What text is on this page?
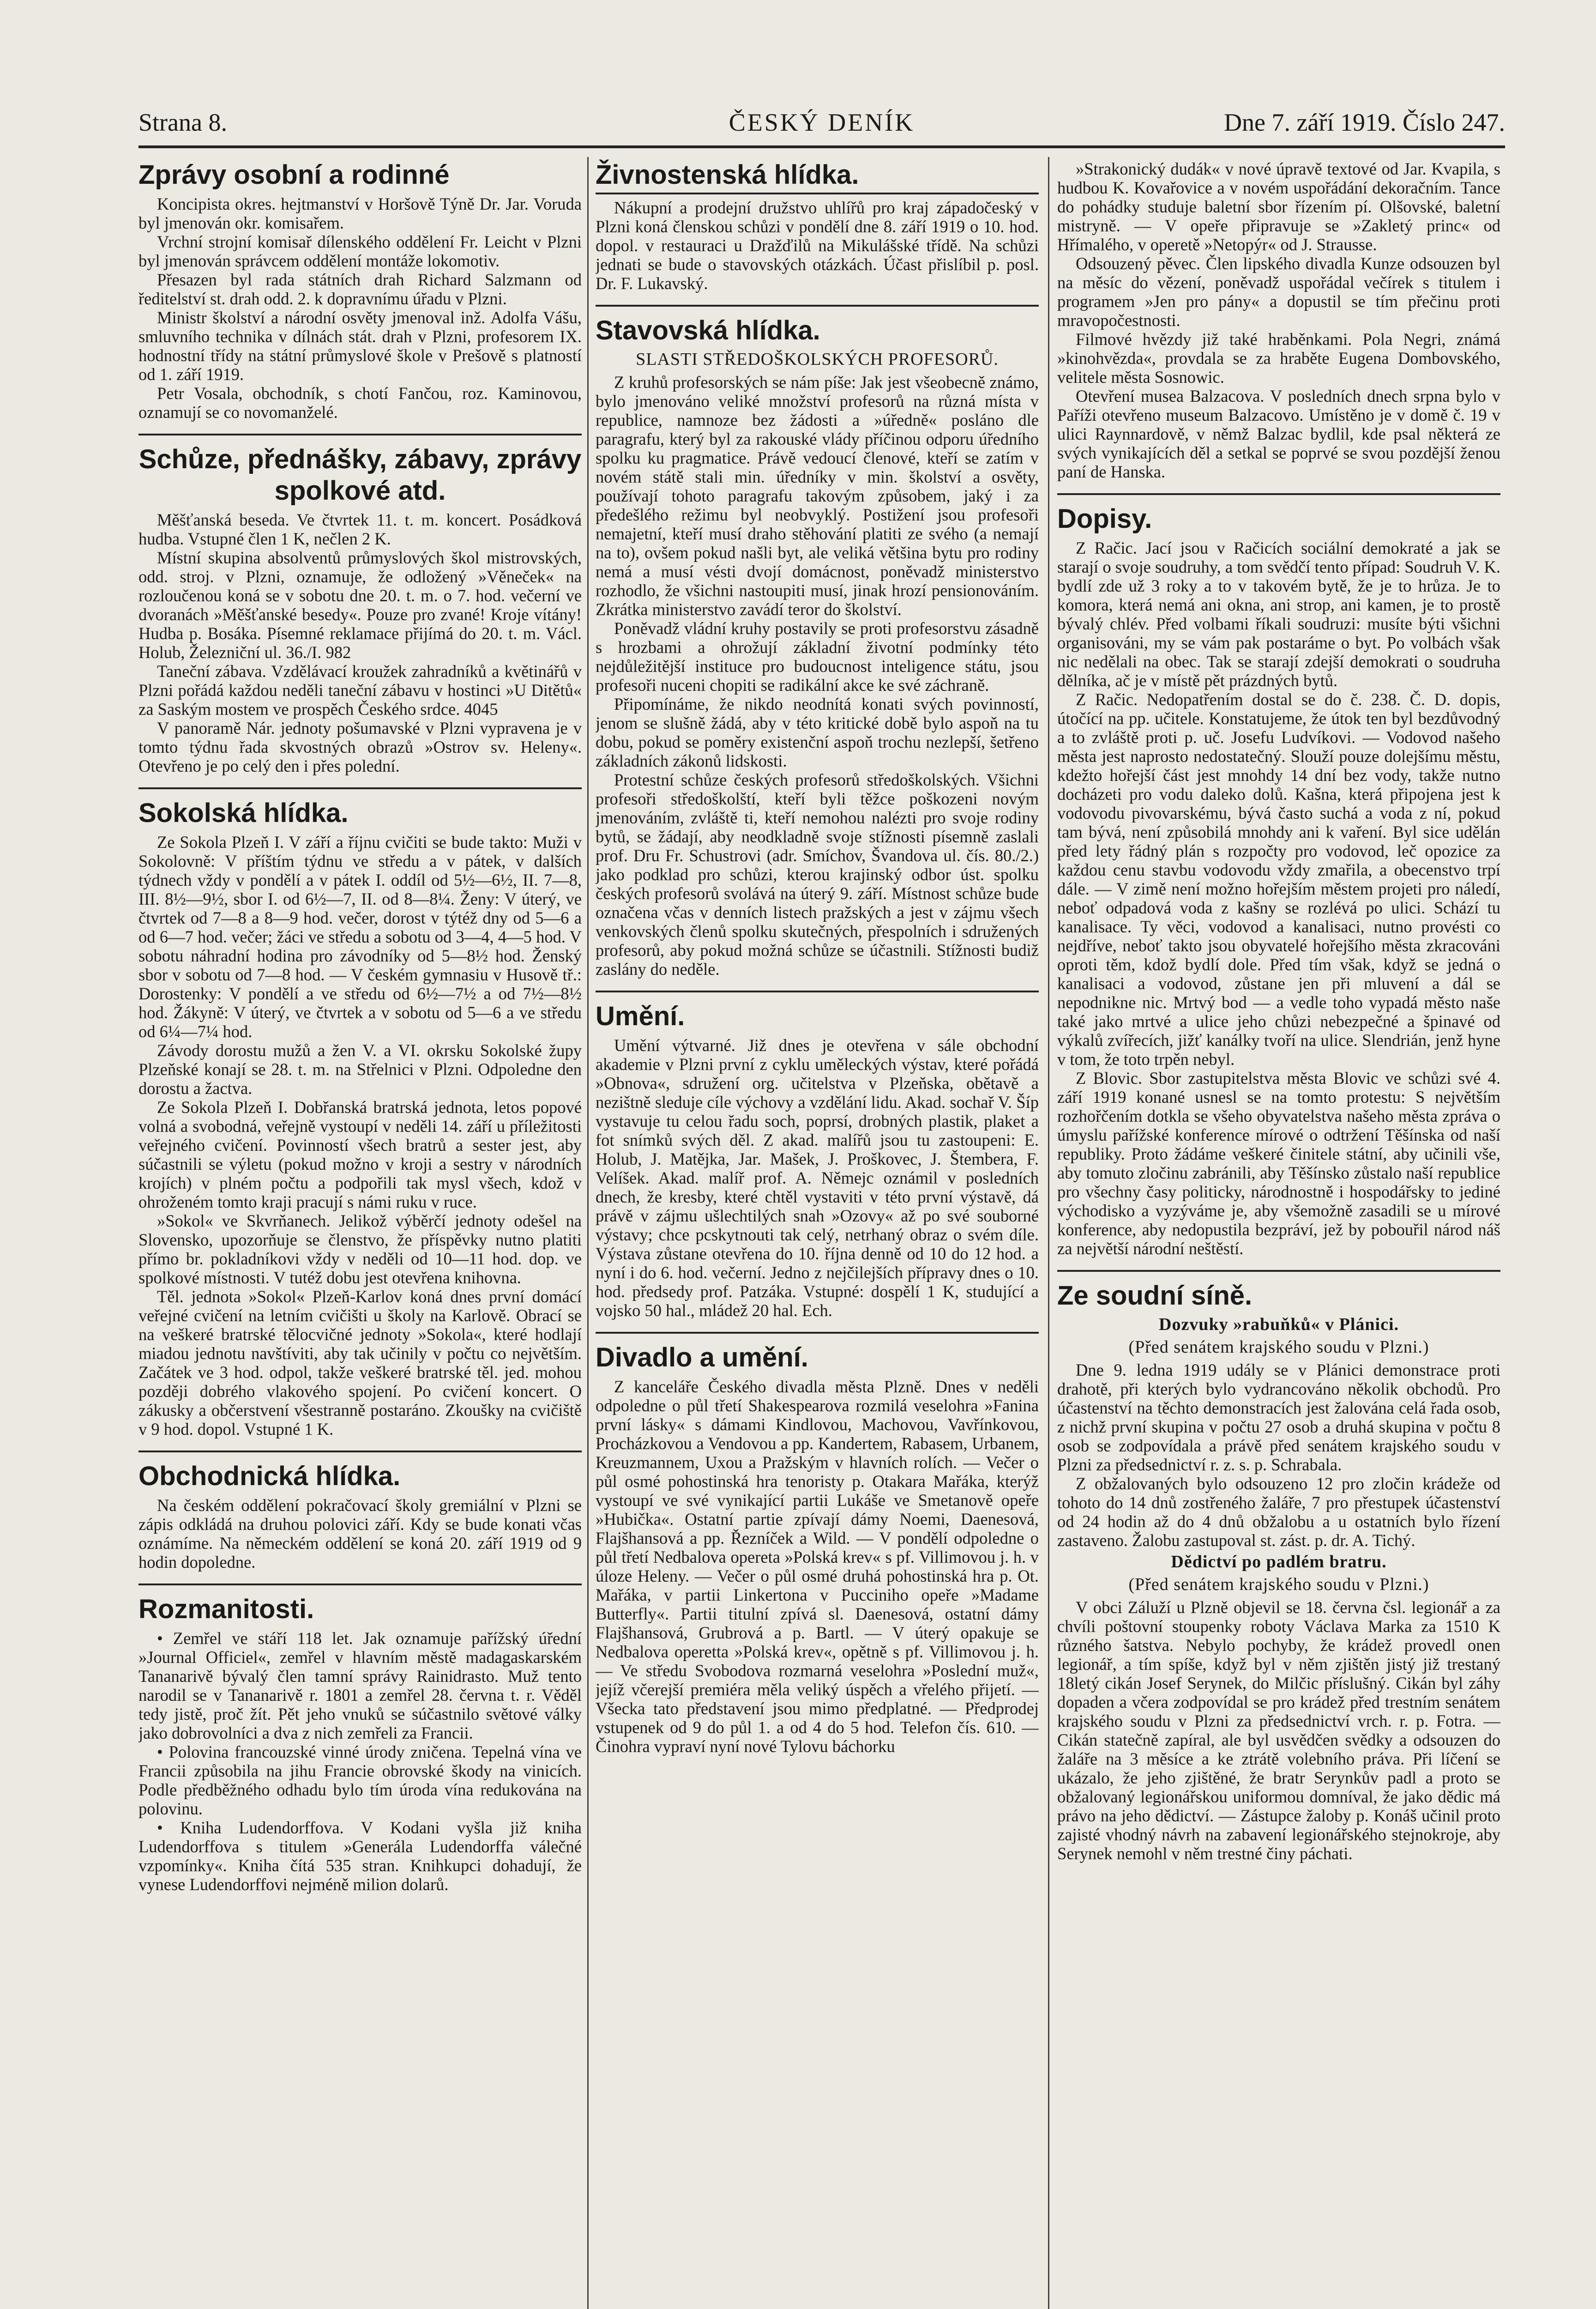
Strana 8.	ČESKÝ DENÍK	Dne 7. září 1919. Číslo 247.
Zprávy osobní a rodinné

Koncipista okres. hejtmanství v Horšově Týně Dr. Jar. Voruda byl jmenován okr. komisařem.

Vrchní strojní komisař dílenského oddělení Fr. Leicht v Plzni byl jmenován správcem oddělení montáže lokomotiv.

Přesazen byl rada státních drah Richard Salzmann od ředitelství st. drah odd. 2. k dopravnímu úřadu v Plzni.

Ministr školství a národní osvěty jmenoval inž. Adolfa Vášu, smluvního technika v dílnách stát. drah v Plzni, profesorem IX. hodnostní třídy na státní průmyslové škole v Prešově s platností od 1. září 1919.

Petr Vosala, obchodník, s chotí Fančou, roz. Kaminovou, oznamují se co novomanželé.

Schůze, přednášky, zábavy, zprávy spolkové atd.

Měšťanská beseda. Ve čtvrtek 11. t. m. koncert. Posádková hudba. Vstupné člen 1 K, nečlen 2 K.

Místní skupina absolventů průmyslových škol mistrovských, odd. stroj. v Plzni, oznamuje, že odložený »Věneček« na rozloučenou koná se v sobotu dne 20. t. m. o 7. hod. večerní ve dvoranách »Měšťanské besedy«. Pouze pro zvané! Kroje vítány! Hudba p. Bosáka. Písemné reklamace přijímá do 20. t. m. Václ. Holub, Železniční ul. 36./I. 982

Taneční zábava. Vzdělávací kroužek zahradníků a květinářů v Plzni pořádá každou neděli taneční zábavu v hostinci »U Ditětů« za Saským mostem ve prospěch Českého srdce. 4045

V panoramě Nár. jednoty pošumavské v Plzni vypravena je v tomto týdnu řada skvostných obrazů »Ostrov sv. Heleny«. Otevřeno je po celý den i přes polední.

Sokolská hlídka.

Ze Sokola Plzeň I. V září a říjnu cvičiti se bude takto: Muži v Sokolovně: V příštím týdnu ve středu a v pátek, v dalších týdnech vždy v pondělí a v pátek I. oddíl od 5½—6½, II. 7—8, III. 8½—9½, sbor I. od 6½—7, II. od 8—8¼. Ženy: V úterý, ve čtvrtek od 7—8 a 8—9 hod. večer, dorost v týtéž dny od 5—6 a od 6—7 hod. večer; žáci ve středu a sobotu od 3—4, 4—5 hod. V sobotu náhradní hodina pro závodníky od 5—8½ hod. Ženský sbor v sobotu od 7—8 hod. — V českém gymnasiu v Husově tř.: Dorostenky: V pondělí a ve středu od 6½—7½ a od 7½—8½ hod. Žákyně: V úterý, ve čtvrtek a v sobotu od 5—6 a ve středu od 6¼—7¼ hod.

Závody dorostu mužů a žen V. a VI. okrsku Sokolské župy Plzeňské konají se 28. t. m. na Střelnici v Plzni. Odpoledne den dorostu a žactva.

Ze Sokola Plzeň I. Dobřanská bratrská jednota, letos popové volná a svobodná, veřejně vystoupí v neděli 14. září u příležitosti veřejného cvičení. Povinností všech bratrů a sester jest, aby súčastnili se výletu (pokud možno v kroji a sestry v národních krojích) v plném počtu a podpořili tak mysl všech, kdož v ohroženém tomto kraji pracují s námi ruku v ruce.

»Sokol« ve Skvrňanech. Jelikož výběrčí jednoty odešel na Slovensko, upozorňuje se členstvo, že příspěvky nutno platiti přímo br. pokladníkovi vždy v neděli od 10—11 hod. dop. ve spolkové místnosti. V tutéž dobu jest otevřena knihovna.

Těl. jednota »Sokol« Plzeň-Karlov koná dnes první domácí veřejné cvičení na letním cvičišti u školy na Karlově. Obrací se na veškeré bratrské tělocvičné jednoty »Sokola«, které hodlají miadou jednotu navštíviti, aby tak učinily v počtu co největším. Začátek ve 3 hod. odpol, takže veškeré bratrské těl. jed. mohou později dobrého vlakového spojení. Po cvičení koncert. O zákusky a občerstvení všestranně postaráno. Zkoušky na cvičiště v 9 hod. dopol. Vstupné 1 K.

Obchodnická hlídka.

Na českém oddělení pokračovací školy gremiální v Plzni se zápis odkládá na druhou polovici září. Kdy se bude konati včas oznámíme. Na německém oddělení se koná 20. září 1919 od 9 hodin dopoledne.

Rozmanitosti.

• Zemřel ve stáří 118 let. Jak oznamuje pařížský úřední »Journal Officiel«, zemřel v hlavním městě madagaskarském Tananarivě bývalý člen tamní správy Rainidrasto. Muž tento narodil se v Tananarivě r. 1801 a zemřel 28. června t. r. Věděl tedy jistě, proč žít. Pět jeho vnuků se súčastnilo světové války jako dobrovolníci a dva z nich zemřeli za Francii.

• Polovina francouzské vinné úrody zničena. Tepelná vína ve Francii způsobila na jihu Francie obrovské škody na vinicích. Podle předběžného odhadu bylo tím úroda vína redukována na polovinu.

• Kniha Ludendorffova. V Kodani vyšla již kniha Ludendorffova s titulem »Generála Ludendorffa válečné vzpomínky«. Kniha čítá 535 stran. Knihkupci dohadují, že vynese Ludendorffovi nejméně milion dolarů.

Živnostenská hlídka.

Nákupní a prodejní družstvo uhlířů pro kraj západočeský v Plzni koná členskou schůzi v pondělí dne 8. září 1919 o 10. hod. dopol. v restauraci u Dražďilů na Mikulášské třídě. Na schůzi jednati se bude o stavovských otázkách. Účast přislíbil p. posl. Dr. F. Lukavský.

Stavovská hlídka.
SLASTI STŘEDOŠKOLSKÝCH PROFESORŮ.

Z kruhů profesorských se nám píše: Jak jest všeobecně známo, bylo jmenováno veliké množství profesorů na různá místa v republice, namnoze bez žádosti a »úředně« posláno dle paragrafu, který byl za rakouské vlády příčinou odporu úředního spolku ku pragmatice. Právě vedoucí členové, kteří se zatím v novém státě stali min. úředníky v min. školství a osvěty, používají tohoto paragrafu takovým způsobem, jaký i za předešlého režimu byl neobvyklý. Postižení jsou profesoři nemajetní, kteří musí draho stěhování platiti ze svého (a nemají na to), ovšem pokud našli byt, ale veliká většina bytu pro rodiny nemá a musí vésti dvojí domácnost, poněvadž ministerstvo rozhodlo, že všichni nastoupiti musí, jinak hrozí pensionováním. Zkrátka ministerstvo zavádí teror do školství.

Poněvadž vládní kruhy postavily se proti profesorstvu zásadně s hrozbami a ohrožují základní životní podmínky této nejdůležitější instituce pro budoucnost inteligence státu, jsou profesoři nuceni chopiti se radikální akce ke své záchraně.

Připomínáme, že nikdo neodnítá konati svých povinností, jenom se slušně žádá, aby v této kritické době bylo aspoň na tu dobu, pokud se poměry existenční aspoň trochu nezlepší, šetřeno základních zákonů lidskosti.

Protestní schůze českých profesorů středoškolských. Všichni profesoři středoškolští, kteří byli těžce poškozeni novým jmenováním, zvláště ti, kteří nemohou nalézti pro svoje rodiny bytů, se žádají, aby neodkladně svoje stížnosti písemně zaslali prof. Dru Fr. Schustrovi (adr. Smíchov, Švandova ul. čís. 80./2.) jako podklad pro schůzi, kterou krajinský odbor úst. spolku českých profesorů svolává na úterý 9. září. Místnost schůze bude označena včas v denních listech pražských a jest v zájmu všech venkovských členů spolku skutečných, přespolních i sdružených profesorů, aby pokud možná schůze se účastnili. Stížnosti budiž zaslány do neděle.

Umění.

Umění výtvarné. Již dnes je otevřena v sále obchodní akademie v Plzni první z cyklu uměleckých výstav, které pořádá »Obnova«, sdružení org. učitelstva v Plzeňska, obětavě a nezištně sleduje cíle výchovy a vzdělání lidu. Akad. sochař V. Šíp vystavuje tu celou řadu soch, poprsí, drobných plastik, plaket a fot snímků svých děl. Z akad. malířů jsou tu zastoupeni: E. Holub, J. Matějka, Jar. Mašek, J. Proškovec, J. Štembera, F. Velíšek. Akad. malíř prof. A. Němejc oznámil v posledních dnech, že kresby, které chtěl vystaviti v této první výstavě, dá právě v zájmu ušlechtilých snah »Ozovy« až po své souborné výstavy; chce pcskytnouti tak celý, netrhaný obraz o svém díle. Výstava zůstane otevřena do 10. října denně od 10 do 12 hod. a nyní i do 6. hod. večerní. Jedno z nejčilejších přípravy dnes o 10. hod. předsedy prof. Patzáka. Vstupné: dospělí 1 K, studující a vojsko 50 hal., mládež 20 hal. Ech.

Divadlo a umění.

Z kanceláře Českého divadla města Plzně. Dnes v neděli odpoledne o půl třetí Shakespearova rozmilá veselohra »Fanina první lásky« s dámami Kindlovou, Machovou, Vavřínkovou, Procházkovou a Vendovou a pp. Kandertem, Rabasem, Urbanem, Kreuzmannem, Uxou a Pražským v hlavních rolích. — Večer o půl osmé pohostinská hra tenoristy p. Otakara Mařáka, kterýž vystoupí ve své vynikající partii Lukáše ve Smetanově opeře »Hubička«. Ostatní partie zpívají dámy Noemi, Daenesová, Flajšhansová a pp. Řezníček a Wild. — V pondělí odpoledne o půl třetí Nedbalova opereta »Polská krev« s pf. Villimovou j. h. v úloze Heleny. — Večer o půl osmé druhá pohostinská hra p. Ot. Mařáka, v partii Linkertona v Pucciniho opeře »Madame Butterfly«. Partii titulní zpívá sl. Daenesová, ostatní dámy Flajšhansová, Grubrová a p. Bartl. — V úterý opakuje se Nedbalova operetta »Polská krev«, opětně s pf. Villimovou j. h. — Ve středu Svobodova rozmarná veselohra »Poslední muž«, jejíž včerejší premiéra měla veliký úspěch a vřelého přijetí. — Všecka tato představení jsou mimo předplatné. — Předprodej vstupenek od 9 do půl 1. a od 4 do 5 hod. Telefon čís. 610. — Činohra vypraví nyní nové Tylovu báchorku

»Strakonický dudák« v nové úpravě textové od Jar. Kvapila, s hudbou K. Kovařovice a v novém uspořádání dekoračním. Tance do pohádky studuje baletní sbor řízením pí. Olšovské, baletní mistryně. — V opeře připravuje se »Zakletý princ« od Hřímalého, v operetě »Netopýr« od J. Strausse.

Odsouzený pěvec. Člen lipského divadla Kunze odsouzen byl na měsíc do vězení, poněvadž uspořádal večírek s titulem i programem »Jen pro pány« a dopustil se tím přečinu proti mravopočestnosti.

Filmové hvězdy již také hraběnkami. Pola Negri, známá »kinohvězda«, provdala se za hraběte Eugena Dombovského, velitele města Sosnowic.

Otevření musea Balzacova. V posledních dnech srpna bylo v Paříži otevřeno museum Balzacovo. Umístěno je v domě č. 19 v ulici Raynnardově, v němž Balzac bydlil, kde psal některá ze svých vynikajících děl a setkal se poprvé se svou pozdější ženou paní de Hanska.

Dopisy.

Z Račic. Jací jsou v Račicích sociální demokraté a jak se starají o svoje soudruhy, a tom svědčí tento případ: Soudruh V. K. bydlí zde už 3 roky a to v takovém bytě, že je to hrůza. Je to komora, která nemá ani okna, ani strop, ani kamen, je to prostě bývalý chlév. Před volbami říkali soudruzi: musíte býti všichni organisováni, my se vám pak postaráme o byt. Po volbách však nic nedělali na obec. Tak se starají zdejší demokrati o soudruha dělníka, ač je v místě pět prázdných bytů.

Z Račic. Nedopatřením dostal se do č. 238. Č. D. dopis, útočící na pp. učitele. Konstatujeme, že útok ten byl bezdůvodný a to zvláště proti p. uč. Josefu Ludvíkovi. — Vodovod našeho města jest naprosto nedostatečný. Slouží pouze dolejšímu městu, kdežto hořejší část jest mnohdy 14 dní bez vody, takže nutno docházeti pro vodu daleko dolů. Kašna, která připojena jest k vodovodu pivovarskému, bývá často suchá a voda z ní, pokud tam bývá, není způsobilá mnohdy ani k vaření. Byl sice udělán před lety řádný plán s rozpočty pro vodovod, leč opozice za každou cenu stavbu vodovodu vždy zmařila, a obecenstvo trpí dále. — V zimě není možno hořejším městem projeti pro náledí, neboť odpadová voda z kašny se rozlévá po ulici. Schází tu kanalisace. Ty věci, vodovod a kanalisaci, nutno provésti co nejdříve, neboť takto jsou obyvatelé hořejšího města zkracováni oproti těm, kdož bydlí dole. Před tím však, když se jedná o kanalisaci a vodovod, zůstane jen při mluvení a dál se nepodnikne nic. Mrtvý bod — a vedle toho vypadá město naše také jako mrtvé a ulice jeho chůzi nebezpečné a špinavé od výkalů zvířecích, jižť kanálky tvoří na ulice. Slendrián, jenž hyne v tom, že toto trpěn nebyl.

Z Blovic. Sbor zastupitelstva města Blovic ve schůzi své 4. září 1919 konané usnesl se na tomto protestu: S největším rozhořčením dotkla se všeho obyvatelstva našeho města zpráva o úmyslu pařížské konference mírové o odtržení Těšínska od naší republiky. Proto žádáme veškeré činitele státní, aby učinili vše, aby tomuto zločinu zabránili, aby Těšínsko zůstalo naší republice pro všechny časy politicky, národnostně i hospodářsky to jediné východisko a vyzýváme je, aby všemožně zasadili se u mírové konference, aby nedopustila bezpráví, jež by pobouřil národ náš za největší národní neštěstí.

Ze soudní síně.
Dozvuky »rabuňků« v Plánici.
(Před senátem krajského soudu v Plzni.)

Dne 9. ledna 1919 udály se v Plánici demonstrace proti drahotě, při kterých bylo vydrancováno několik obchodů. Pro účastenství na těchto demonstracích jest žalována celá řada osob, z nichž první skupina v počtu 27 osob a druhá skupina v počtu 8 osob se zodpovídala a právě před senátem krajského soudu v Plzni za předsednictví r. z. s. p. Schrabala.

Z obžalovaných bylo odsouzeno 12 pro zločin krádeže od tohoto do 14 dnů zostřeného žaláře, 7 pro přestupek účastenství od 24 hodin až do 4 dnů obžalobu a u ostatních bylo řízení zastaveno. Žalobu zastupoval st. zást. p. dr. A. Tichý.

Dědictví po padlém bratru.
(Před senátem krajského soudu v Plzni.)

V obci Záluží u Plzně objevil se 18. června čsl. legionář a za chvíli poštovní stoupenky roboty Václava Marka za 1510 K různého šatstva. Nebylo pochyby, že krádež provedl onen legionář, a tím spíše, když byl v něm zjištěn jistý již trestaný 18letý cikán Josef Serynek, do Milčic příslušný. Cikán byl záhy dopaden a včera zodpovídal se pro krádež před trestním senátem krajského soudu v Plzni za předsednictví vrch. r. p. Fotra. — Cikán statečně zapíral, ale byl usvědčen svědky a odsouzen do žaláře na 3 měsíce a ke ztrátě volebního práva. Při líčení se ukázalo, že jeho zjištěné, že bratr Serynkův padl a proto se obžalovaný legionářskou uniformou domníval, že jako dědic má právo na jeho dědictví. — Zástupce žaloby p. Konáš učinil proto zajisté vhodný návrh na zabavení legionářského stejnokroje, aby Serynek nemohl v něm trestné činy páchati.
